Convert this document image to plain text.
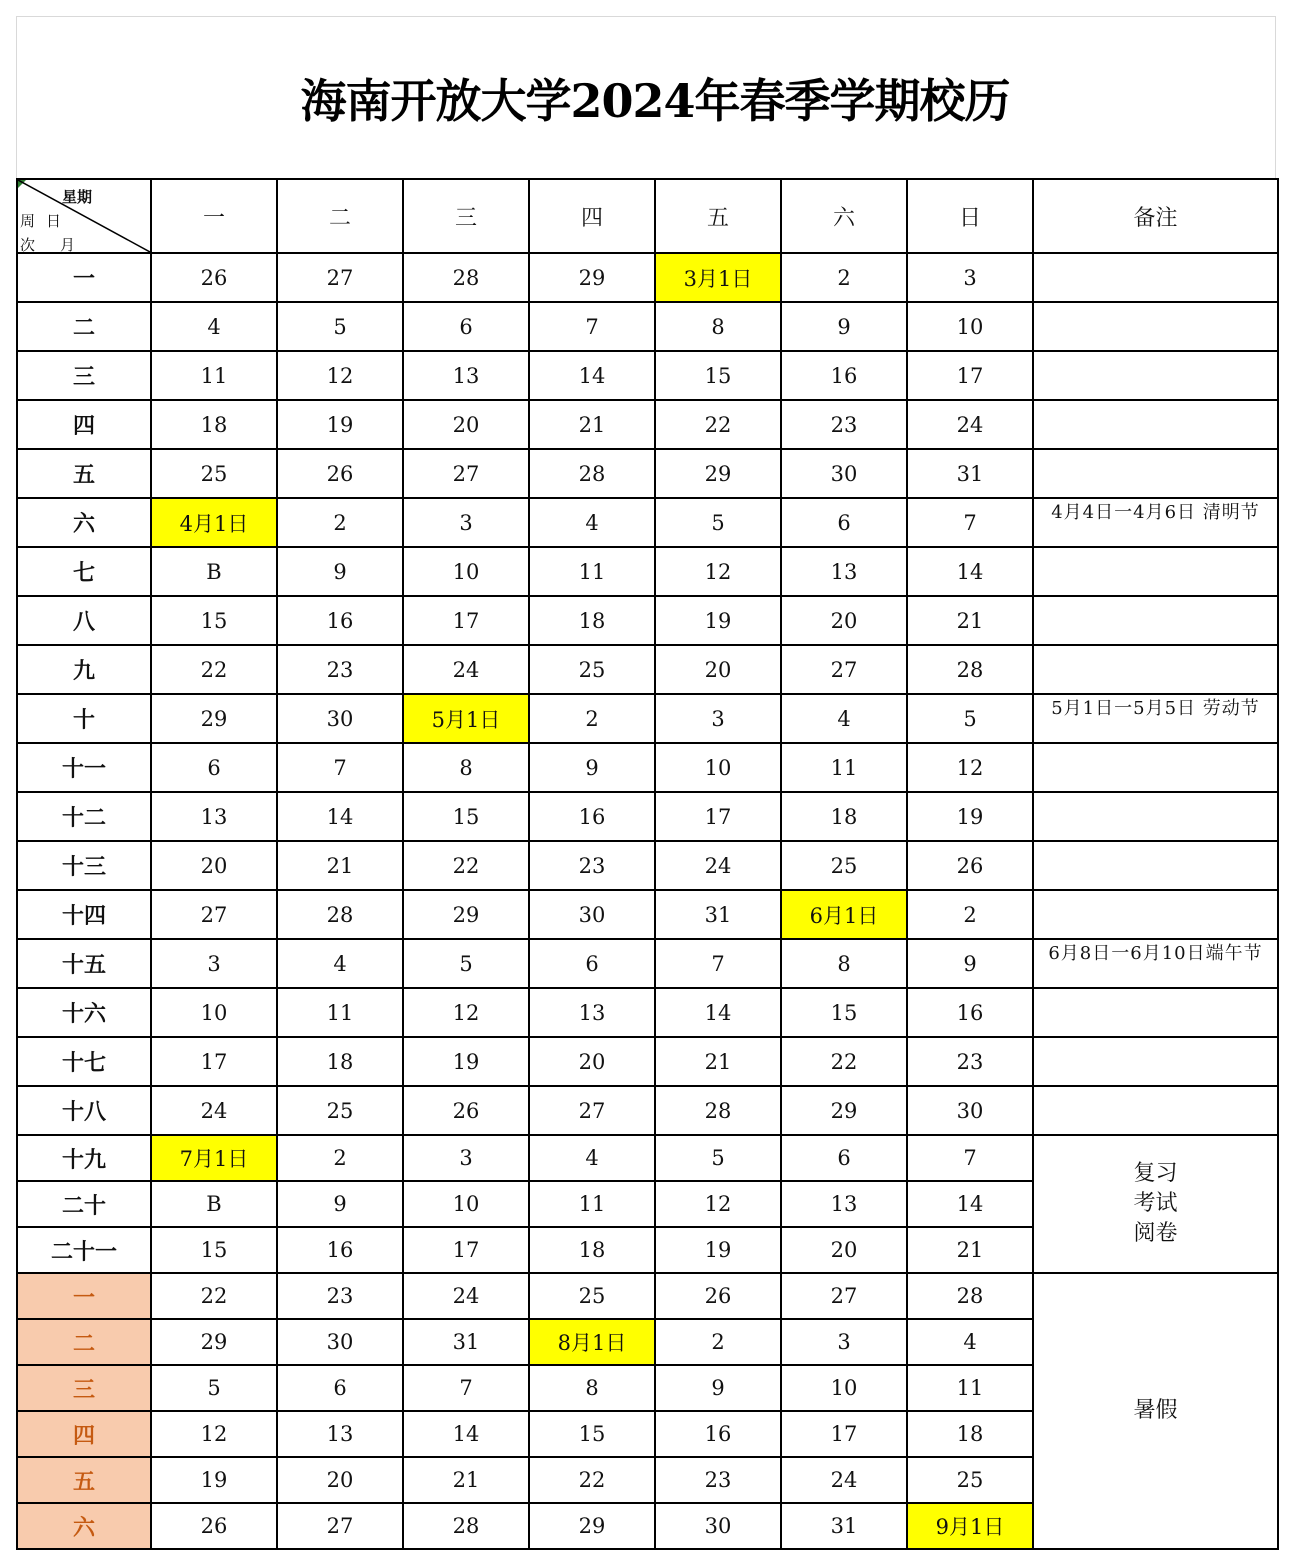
海南开放大学2024年春季学期校历
星期
周 日
次 月	一	二	三	四	五	六	日	备注
一	26	27	28	29	3月1日	2	3	
二	4	5	6	7	8	9	10	
三	11	12	13	14	15	16	17	
四	18	19	20	21	22	23	24	
五	25	26	27	28	29	30	31	
六	4月1日	2	3	4	5	6	7	4月4日一4月6日 清明节
七	B	9	10	11	12	13	14	
八	15	16	17	18	19	20	21	
九	22	23	24	25	20	27	28	
十	29	30	5月1日	2	3	4	5	5月1日一5月5日 劳动节
十一	6	7	8	9	10	11	12	
十二	13	14	15	16	17	18	19	
十三	20	21	22	23	24	25	26	
十四	27	28	29	30	31	6月1日	2	
十五	3	4	5	6	7	8	9	6月8日一6月10日端午节
十六	10	11	12	13	14	15	16	
十七	17	18	19	20	21	22	23	
十八	24	25	26	27	28	29	30	
十九	7月1日	2	3	4	5	6	7	复习
考试
阅卷

二十	B	9	10	11	12	13	14	
二十一	15	16	17	18	19	20	21	
一	22	23	24	25	26	27	28	暑假
二	29	30	31	8月1日	2	3	4	
三	5	6	7	8	9	10	11	
四	12	13	14	15	16	17	18	
五	19	20	21	22	23	24	25	
六	26	27	28	29	30	31	9月1日	
